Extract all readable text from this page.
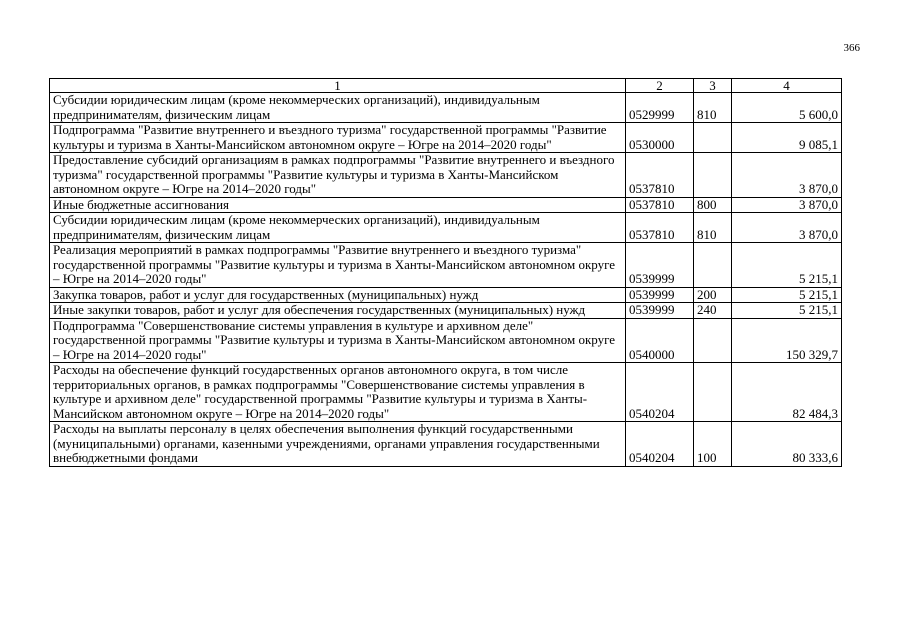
366
1	2	3	4
Субсидии юридическим лицам (кроме некоммерческих организаций), индивидуальным предпринимателям, физическим лицам	0529999	810	5 600,0
Подпрограмма "Развитие внутреннего и въездного туризма" государственной программы "Развитие культуры и туризма в Ханты-Мансийском автономном округе – Югре на 2014–2020 годы"	0530000		9 085,1
Предоставление субсидий организациям в рамках подпрограммы "Развитие внутреннего и въездного туризма" государственной программы "Развитие культуры и туризма в Ханты-Мансийском автономном округе – Югре на 2014–2020 годы"	0537810		3 870,0
Иные бюджетные ассигнования	0537810	800	3 870,0
Субсидии юридическим лицам (кроме некоммерческих организаций), индивидуальным предпринимателям, физическим лицам	0537810	810	3 870,0
Реализация мероприятий в рамках подпрограммы "Развитие внутреннего и въездного туризма" государственной программы "Развитие культуры и туризма в Ханты-Мансийском автономном округе – Югре на 2014–2020 годы"	0539999		5 215,1
Закупка товаров, работ и услуг для государственных (муниципальных) нужд	0539999	200	5 215,1
Иные закупки товаров, работ и услуг для обеспечения государственных (муниципальных) нужд	0539999	240	5 215,1
Подпрограмма "Совершенствование системы управления в культуре и архивном деле" государственной программы "Развитие культуры и туризма в Ханты-Мансийском автономном округе – Югре на 2014–2020 годы"	0540000		150 329,7
Расходы на обеспечение функций государственных органов автономного округа, в том числе территориальных органов, в рамках подпрограммы "Совершенствование системы управления в культуре и архивном деле" государственной программы "Развитие культуры и туризма в Ханты-Мансийском автономном округе – Югре на 2014–2020 годы"	0540204		82 484,3
Расходы на выплаты персоналу в целях обеспечения выполнения функций государственными (муниципальными) органами, казенными учреждениями, органами управления государственными внебюджетными фондами	0540204	100	80 333,6
